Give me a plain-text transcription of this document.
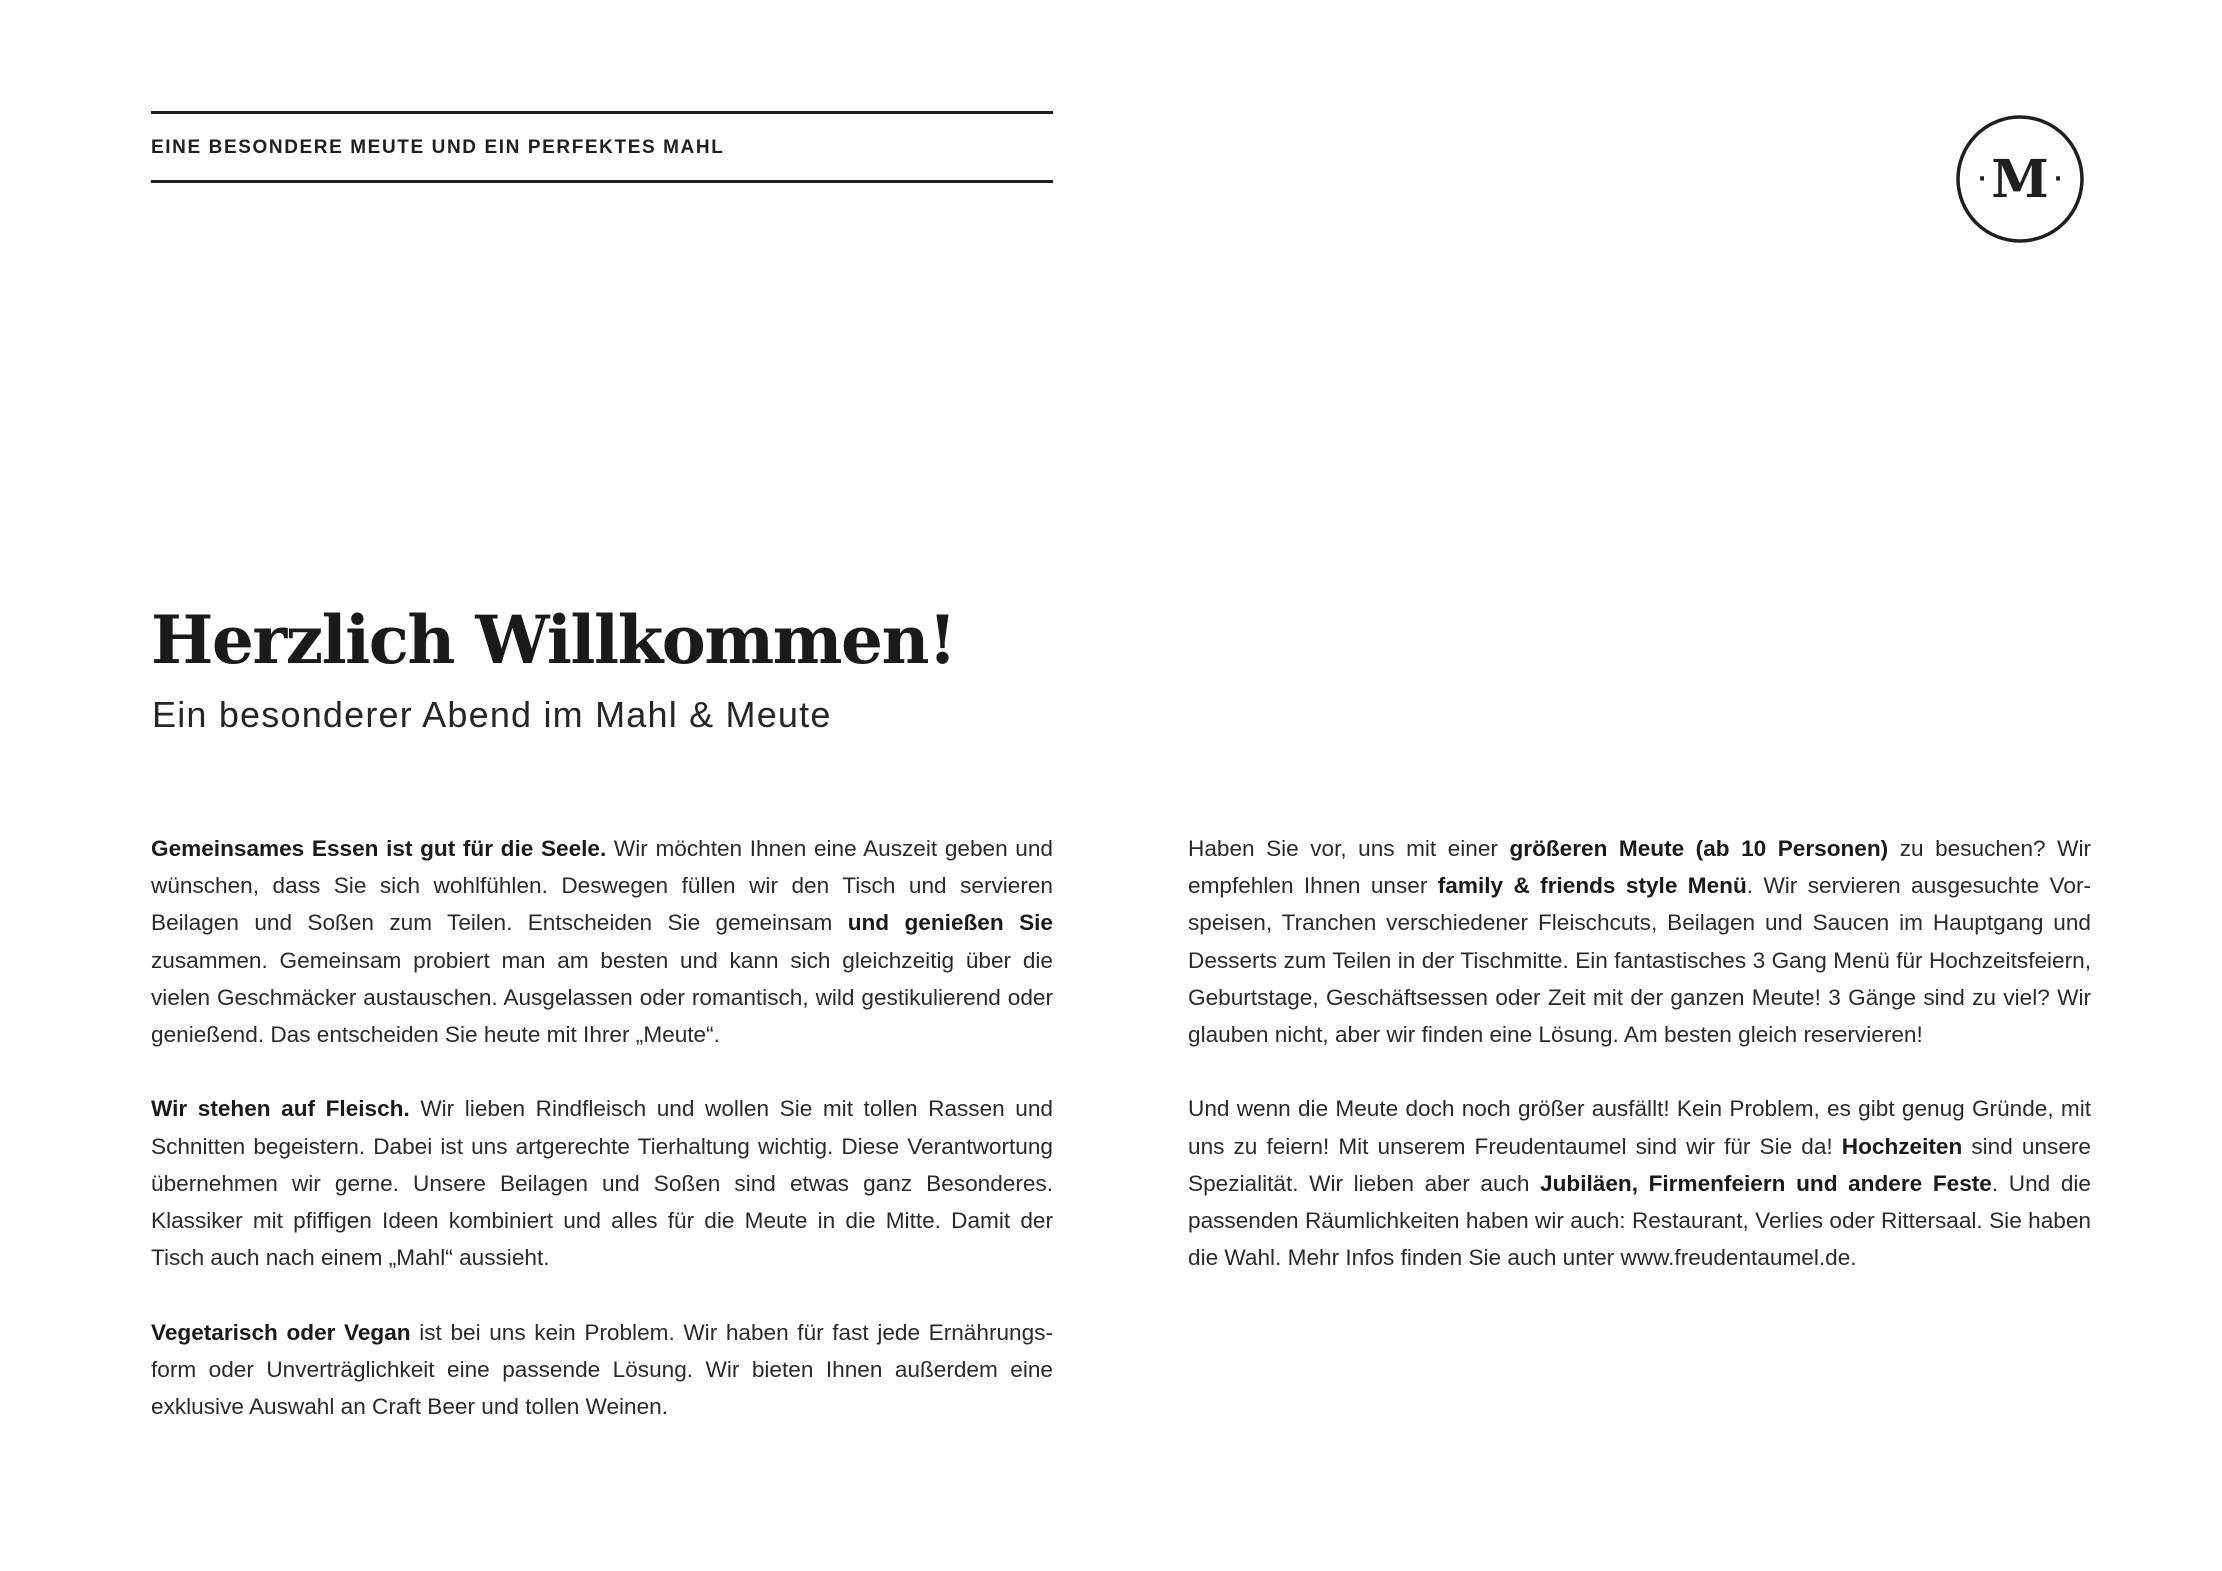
EINE BESONDERE MEUTE UND EIN PERFEKTES MAHL
M
·	·
Herzlich Willkommen!
Ein besonderer Abend im Mahl & Meute

Gemeinsames Essen ist gut für die Seele. Wir möchten Ihnen eine Auszeit geben und wünschen, dass Sie sich wohlfühlen. Deswegen füllen wir den Tisch und servieren Beilagen und Soßen zum Teilen. Entscheiden Sie gemeinsam und genießen Sie zusammen. Gemeinsam probiert man am besten und kann sich gleichzeitig über die vielen Geschmäcker austauschen. Ausgelassen oder romantisch, wild gestikulierend oder genießend. Das entscheiden Sie heute mit Ihrer „Meute“.

Wir stehen auf Fleisch. Wir lieben Rindfleisch und wollen Sie mit tollen Rassen und Schnitten begeistern. Dabei ist uns artgerechte Tierhaltung wichtig. Diese Verantwortung übernehmen wir gerne. Unsere Beilagen und Soßen sind etwas ganz Besonderes. Klassiker mit pfiffigen Ideen kombiniert und alles für die Meute in die Mitte. Damit der Tisch auch nach einem „Mahl“ aussieht.

Vegetarisch oder Vegan ist bei uns kein Problem. Wir haben für fast jede Ernährungsform oder Unverträglichkeit eine passende Lösung. Wir bieten Ihnen außerdem eine exklusive Auswahl an Craft Beer und tollen Weinen.

Haben Sie vor, uns mit einer größeren Meute (ab 10 Personen) zu besuchen? Wir empfehlen Ihnen unser family & friends style Menü. Wir servieren ausgesuchte Vorspeisen, Tranchen verschiedener Fleischcuts, Beilagen und Saucen im Hauptgang und Desserts zum Teilen in der Tischmitte. Ein fantastisches 3 Gang Menü für Hochzeitsfeiern, Geburtstage, Geschäftsessen oder Zeit mit der ganzen Meute! 3 Gänge sind zu viel? Wir glauben nicht, aber wir finden eine Lösung. Am besten gleich reservieren!

Und wenn die Meute doch noch größer ausfällt! Kein Problem, es gibt genug Gründe, mit uns zu feiern! Mit unserem Freudentaumel sind wir für Sie da! Hochzeiten sind unsere Spezialität. Wir lieben aber auch Jubiläen, Firmenfeiern und andere Feste. Und die passenden Räumlichkeiten haben wir auch: Restaurant, Verlies oder Rittersaal. Sie haben die Wahl. Mehr Infos finden Sie auch unter www.freudentaumel.de.
